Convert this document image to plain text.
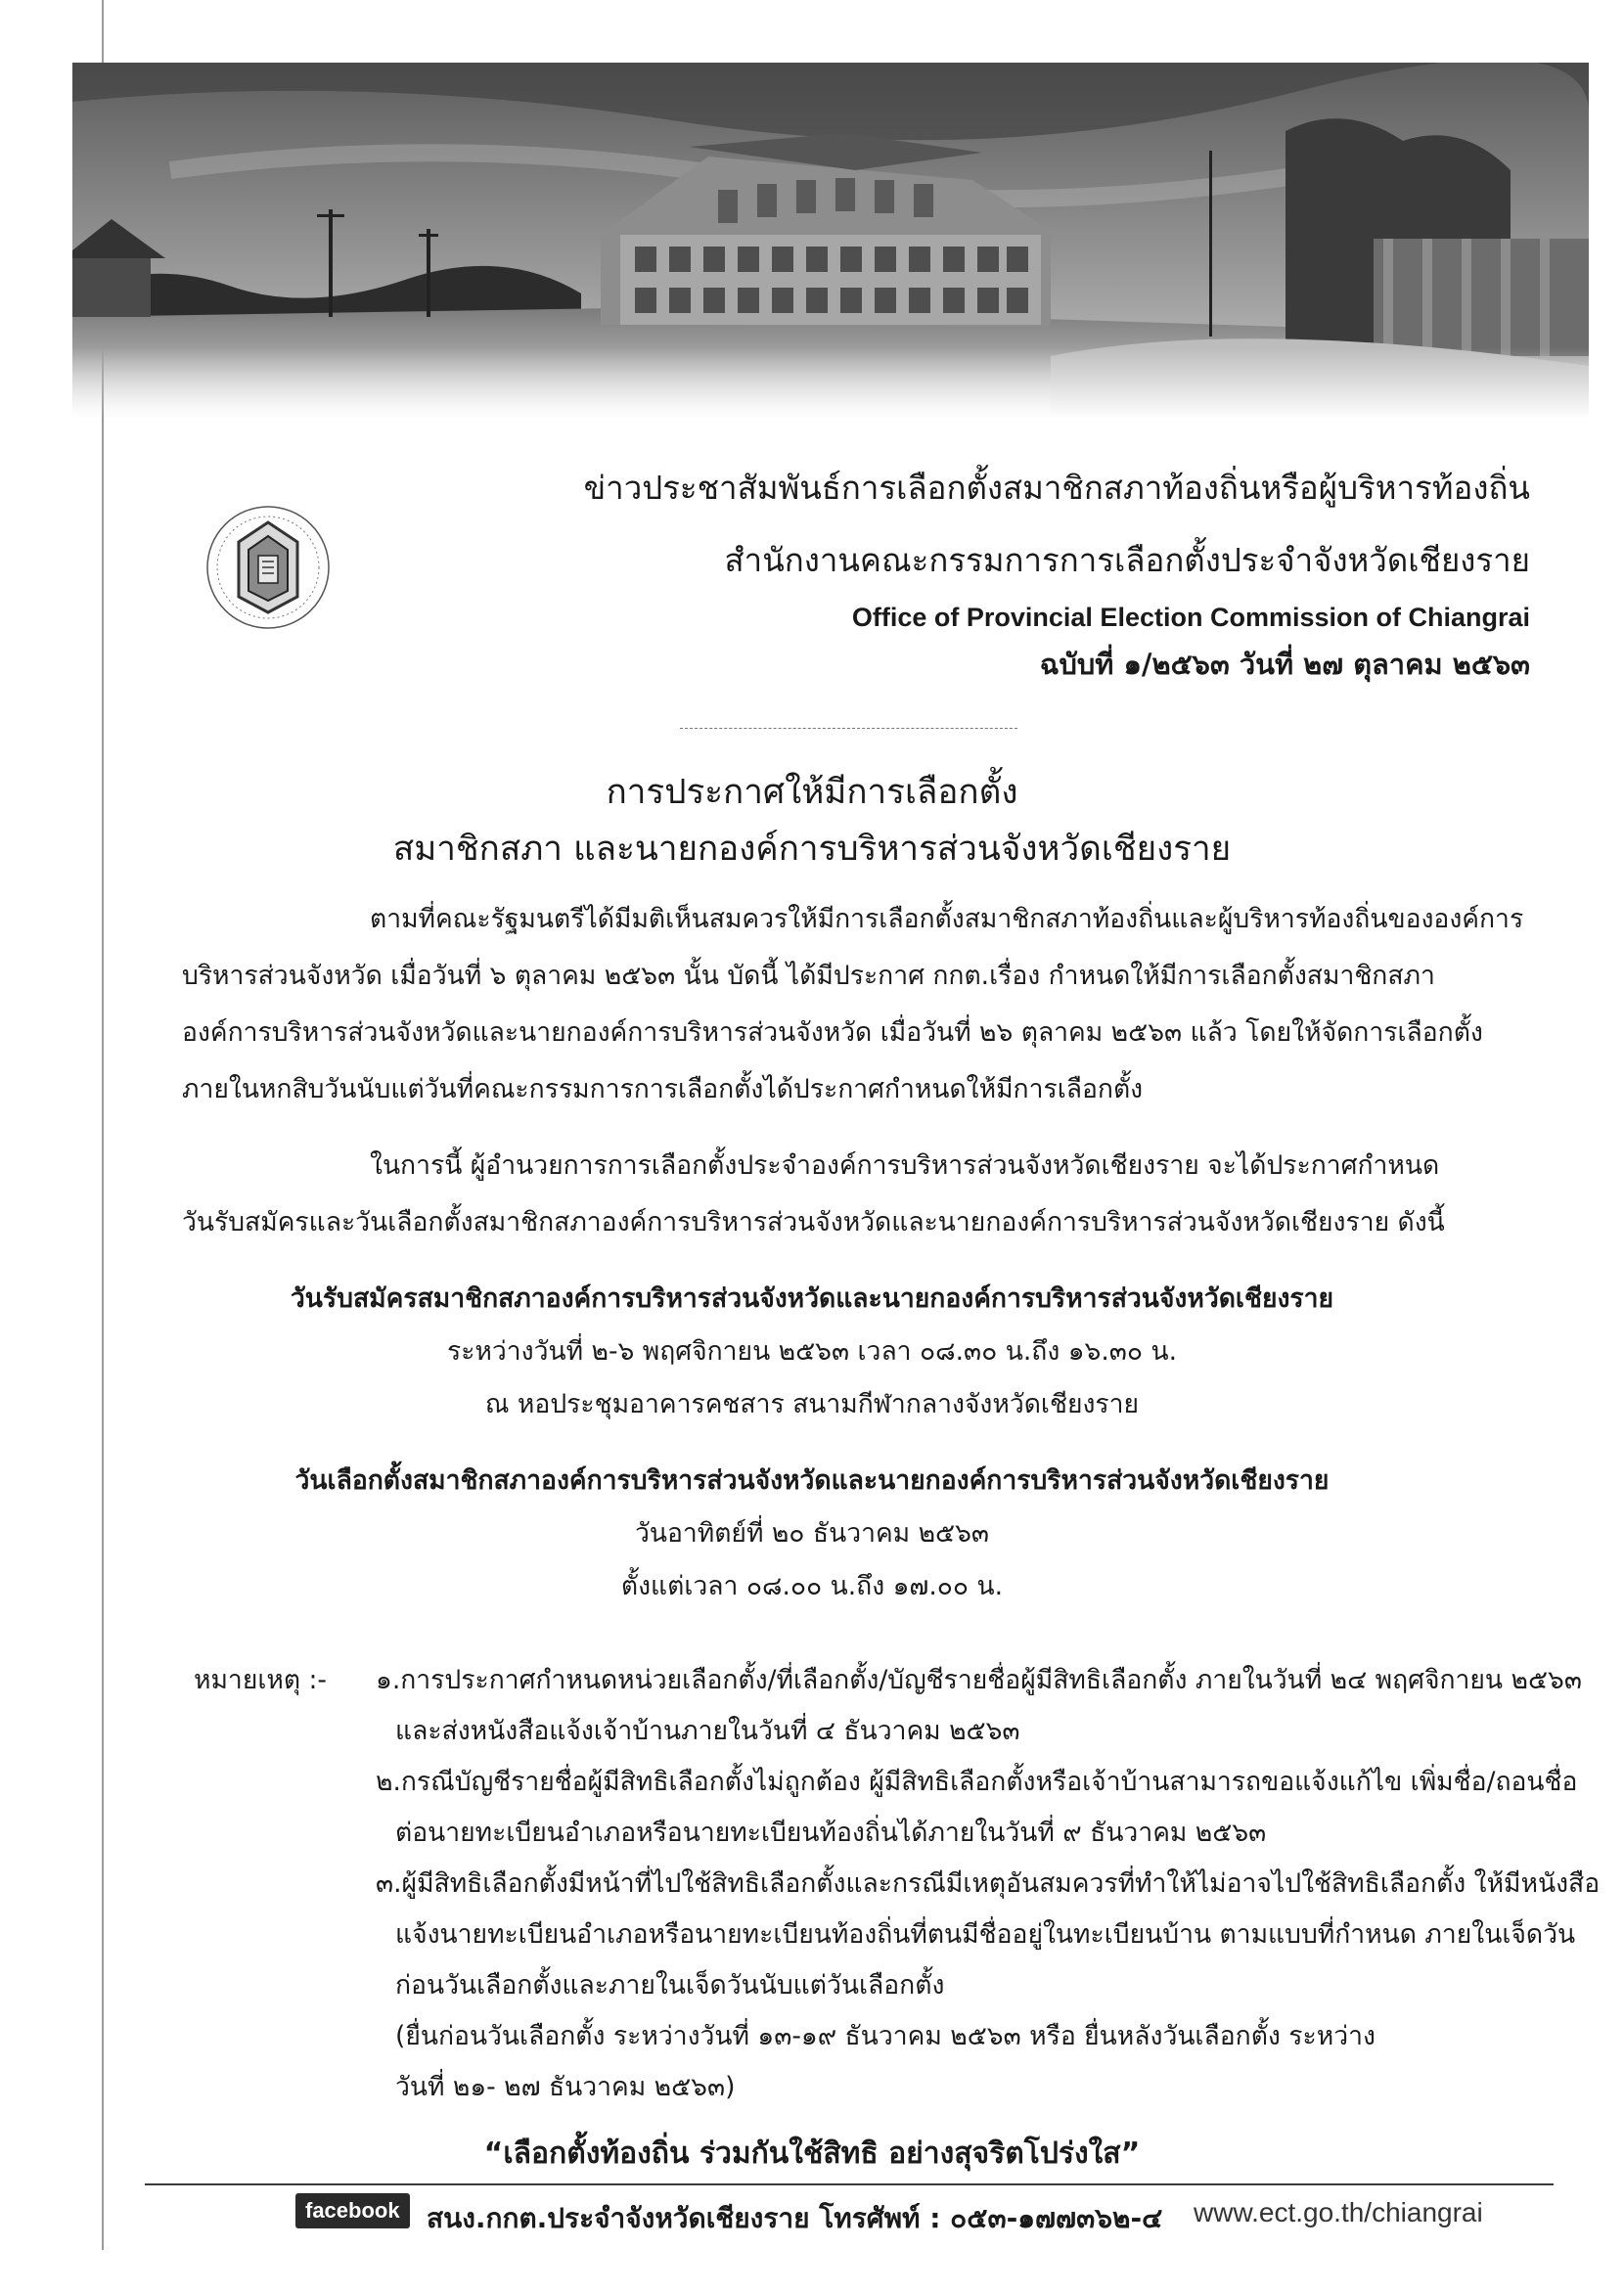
ข่าวประชาสัมพันธ์การเลือกตั้งสมาชิกสภาท้องถิ่นหรือผู้บริหารท้องถิ่น
สำนักงานคณะกรรมการการเลือกตั้งประจำจังหวัดเชียงราย
Office of Provincial Election Commission of Chiangrai
ฉบับที่ ๑/๒๕๖๓ วันที่ ๒๗ ตุลาคม ๒๕๖๓
การประกาศให้มีการเลือกตั้ง
สมาชิกสภา และนายกองค์การบริหารส่วนจังหวัดเชียงราย
ตามที่คณะรัฐมนตรีได้มีมติเห็นสมควรให้มีการเลือกตั้งสมาชิกสภาท้องถิ่นและผู้บริหารท้องถิ่นขององค์การ
บริหารส่วนจังหวัด เมื่อวันที่ ๖ ตุลาคม ๒๕๖๓ นั้น บัดนี้ ได้มีประกาศ กกต.เรื่อง กำหนดให้มีการเลือกตั้งสมาชิกสภา
องค์การบริหารส่วนจังหวัดและนายกองค์การบริหารส่วนจังหวัด เมื่อวันที่ ๒๖ ตุลาคม ๒๕๖๓ แล้ว โดยให้จัดการเลือกตั้ง
ภายในหกสิบวันนับแต่วันที่คณะกรรมการการเลือกตั้งได้ประกาศกำหนดให้มีการเลือกตั้ง
ในการนี้ ผู้อำนวยการการเลือกตั้งประจำองค์การบริหารส่วนจังหวัดเชียงราย จะได้ประกาศกำหนด
วันรับสมัครและวันเลือกตั้งสมาชิกสภาองค์การบริหารส่วนจังหวัดและนายกองค์การบริหารส่วนจังหวัดเชียงราย ดังนี้
วันรับสมัครสมาชิกสภาองค์การบริหารส่วนจังหวัดและนายกองค์การบริหารส่วนจังหวัดเชียงราย
ระหว่างวันที่ ๒-๖ พฤศจิกายน ๒๕๖๓ เวลา ๐๘.๓๐ น.ถึง ๑๖.๓๐ น.
ณ หอประชุมอาคารคชสาร สนามกีฬากลางจังหวัดเชียงราย
วันเลือกตั้งสมาชิกสภาองค์การบริหารส่วนจังหวัดและนายกองค์การบริหารส่วนจังหวัดเชียงราย
วันอาทิตย์ที่ ๒๐ ธันวาคม ๒๕๖๓
ตั้งแต่เวลา ๐๘.๐๐ น.ถึง ๑๗.๐๐ น.
หมายเหตุ :- ๑.การประกาศกำหนดหน่วยเลือกตั้ง/ที่เลือกตั้ง/บัญชีรายชื่อผู้มีสิทธิเลือกตั้ง ภายในวันที่ ๒๔ พฤศจิกายน ๒๕๖๓
และส่งหนังสือแจ้งเจ้าบ้านภายในวันที่ ๔ ธันวาคม ๒๕๖๓
๒.กรณีบัญชีรายชื่อผู้มีสิทธิเลือกตั้งไม่ถูกต้อง ผู้มีสิทธิเลือกตั้งหรือเจ้าบ้านสามารถขอแจ้งแก้ไข เพิ่มชื่อ/ถอนชื่อ
ต่อนายทะเบียนอำเภอหรือนายทะเบียนท้องถิ่นได้ภายในวันที่ ๙ ธันวาคม ๒๕๖๓
๓.ผู้มีสิทธิเลือกตั้งมีหน้าที่ไปใช้สิทธิเลือกตั้งและกรณีมีเหตุอันสมควรที่ทำให้ไม่อาจไปใช้สิทธิเลือกตั้ง ให้มีหนังสือ
แจ้งนายทะเบียนอำเภอหรือนายทะเบียนท้องถิ่นที่ตนมีชื่ออยู่ในทะเบียนบ้าน ตามแบบที่กำหนด ภายในเจ็ดวัน
ก่อนวันเลือกตั้งและภายในเจ็ดวันนับแต่วันเลือกตั้ง
(ยื่นก่อนวันเลือกตั้ง ระหว่างวันที่ ๑๓-๑๙ ธันวาคม ๒๕๖๓ หรือ ยื่นหลังวันเลือกตั้ง ระหว่าง
วันที่ ๒๑- ๒๗ ธันวาคม ๒๕๖๓)
“เลือกตั้งท้องถิ่น ร่วมกันใช้สิทธิ อย่างสุจริตโปร่งใส”
facebook สนง.กกต.ประจำจังหวัดเชียงราย โทรศัพท์ : ๐๕๓-๑๗๗๓๖๒-๔ www.ect.go.th/chiangrai
